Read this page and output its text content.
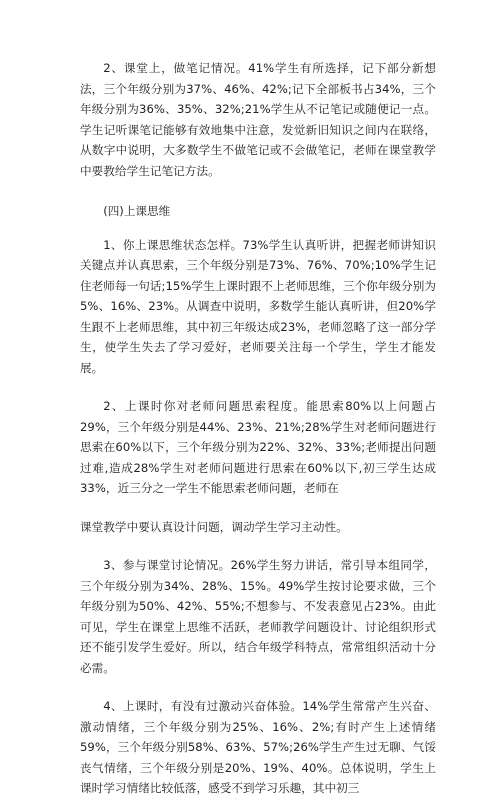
2、课堂上，做笔记情况。41%学生有所选择，记下部分新想法，三个年级分别为37%、46%、42%;记下全部板书占34%，三个年级分别为36%、35%、32%;21%学生从不记笔记或随便记一点。学生记听课笔记能够有效地集中注意，发觉新旧知识之间内在联络，从数字中说明，大多数学生不做笔记或不会做笔记，老师在课堂教学中要教给学生记笔记方法。

(四)上课思维

1、你上课思维状态怎样。73%学生认真听讲，把握老师讲知识关键点并认真思索，三个年级分别是73%、76%、70%;10%学生记住老师每一句话;15%学生上课时跟不上老师思维，三个你年级分别为5%、16%、23%。从调查中说明，多数学生能认真听讲，但20%学生跟不上老师思维，其中初三年级达成23%，老师忽略了这一部分学生，使学生失去了学习爱好，老师要关注每一个学生，学生才能发展。

2、上课时你对老师问题思索程度。能思索80%以上问题占29%，三个年级分别是44%、23%、21%;28%学生对老师问题进行思索在60%以下，三个年级分别为22%、32%、33%;老师提出问题过难,造成28%学生对老师问题进行思索在60%以下,初三学生达成33%，近三分之一学生不能思索老师问题，老师在

课堂教学中要认真设计问题，调动学生学习主动性。

3、参与课堂讨论情况。26%学生努力讲话，常引导本组同学，三个年级分别为34%、28%、15%。49%学生按讨论要求做，三个年级分别为50%、42%、55%;不想参与、不发表意见占23%。由此可见，学生在课堂上思维不活跃，老师教学问题设计、讨论组织形式还不能引发学生爱好。所以，结合年级学科特点，常常组织活动十分必需。

4、上课时，有没有过激动兴奋体验。14%学生常常产生兴奋、激动情绪，三个年级分别为25%、16%、2%;有时产生上述情绪59%，三个年级分别58%、63%、57%;26%学生产生过无聊、气馁丧气情绪，三个年级分别是20%、19%、40%。总体说明，学生上课时学习情绪比较低落，感受不到学习乐趣，其中初三
